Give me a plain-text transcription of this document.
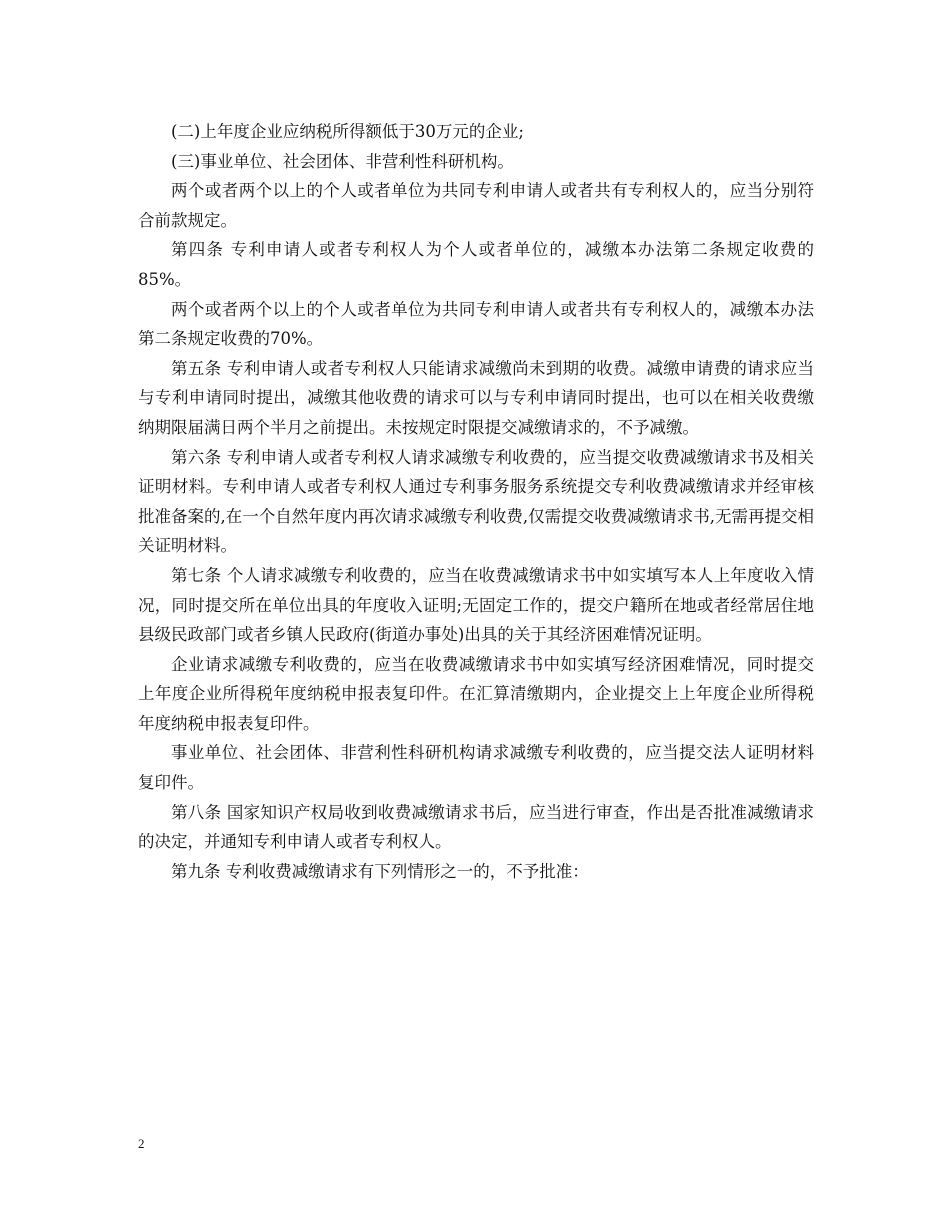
(二)上年度企业应纳税所得额低于30万元的企业;

(三)事业单位、社会团体、非营利性科研机构。

两个或者两个以上的个人或者单位为共同专利申请人或者共有专利权人的，应当分别符合前款规定。

第四条 专利申请人或者专利权人为个人或者单位的，减缴本办法第二条规定收费的85%。

两个或者两个以上的个人或者单位为共同专利申请人或者共有专利权人的，减缴本办法第二条规定收费的70%。

第五条 专利申请人或者专利权人只能请求减缴尚未到期的收费。减缴申请费的请求应当与专利申请同时提出，减缴其他收费的请求可以与专利申请同时提出，也可以在相关收费缴纳期限届满日两个半月之前提出。未按规定时限提交减缴请求的，不予减缴。

第六条 专利申请人或者专利权人请求减缴专利收费的，应当提交收费减缴请求书及相关证明材料。专利申请人或者专利权人通过专利事务服务系统提交专利收费减缴请求并经审核批准备案的,在一个自然年度内再次请求减缴专利收费,仅需提交收费减缴请求书,无需再提交相关证明材料。

第七条 个人请求减缴专利收费的，应当在收费减缴请求书中如实填写本人上年度收入情况，同时提交所在单位出具的年度收入证明;无固定工作的，提交户籍所在地或者经常居住地县级民政部门或者乡镇人民政府(街道办事处)出具的关于其经济困难情况证明。

企业请求减缴专利收费的，应当在收费减缴请求书中如实填写经济困难情况，同时提交上年度企业所得税年度纳税申报表复印件。在汇算清缴期内，企业提交上上年度企业所得税年度纳税申报表复印件。

事业单位、社会团体、非营利性科研机构请求减缴专利收费的，应当提交法人证明材料复印件。

第八条 国家知识产权局收到收费减缴请求书后，应当进行审查，作出是否批准减缴请求的决定，并通知专利申请人或者专利权人。

第九条 专利收费减缴请求有下列情形之一的，不予批准：

2
